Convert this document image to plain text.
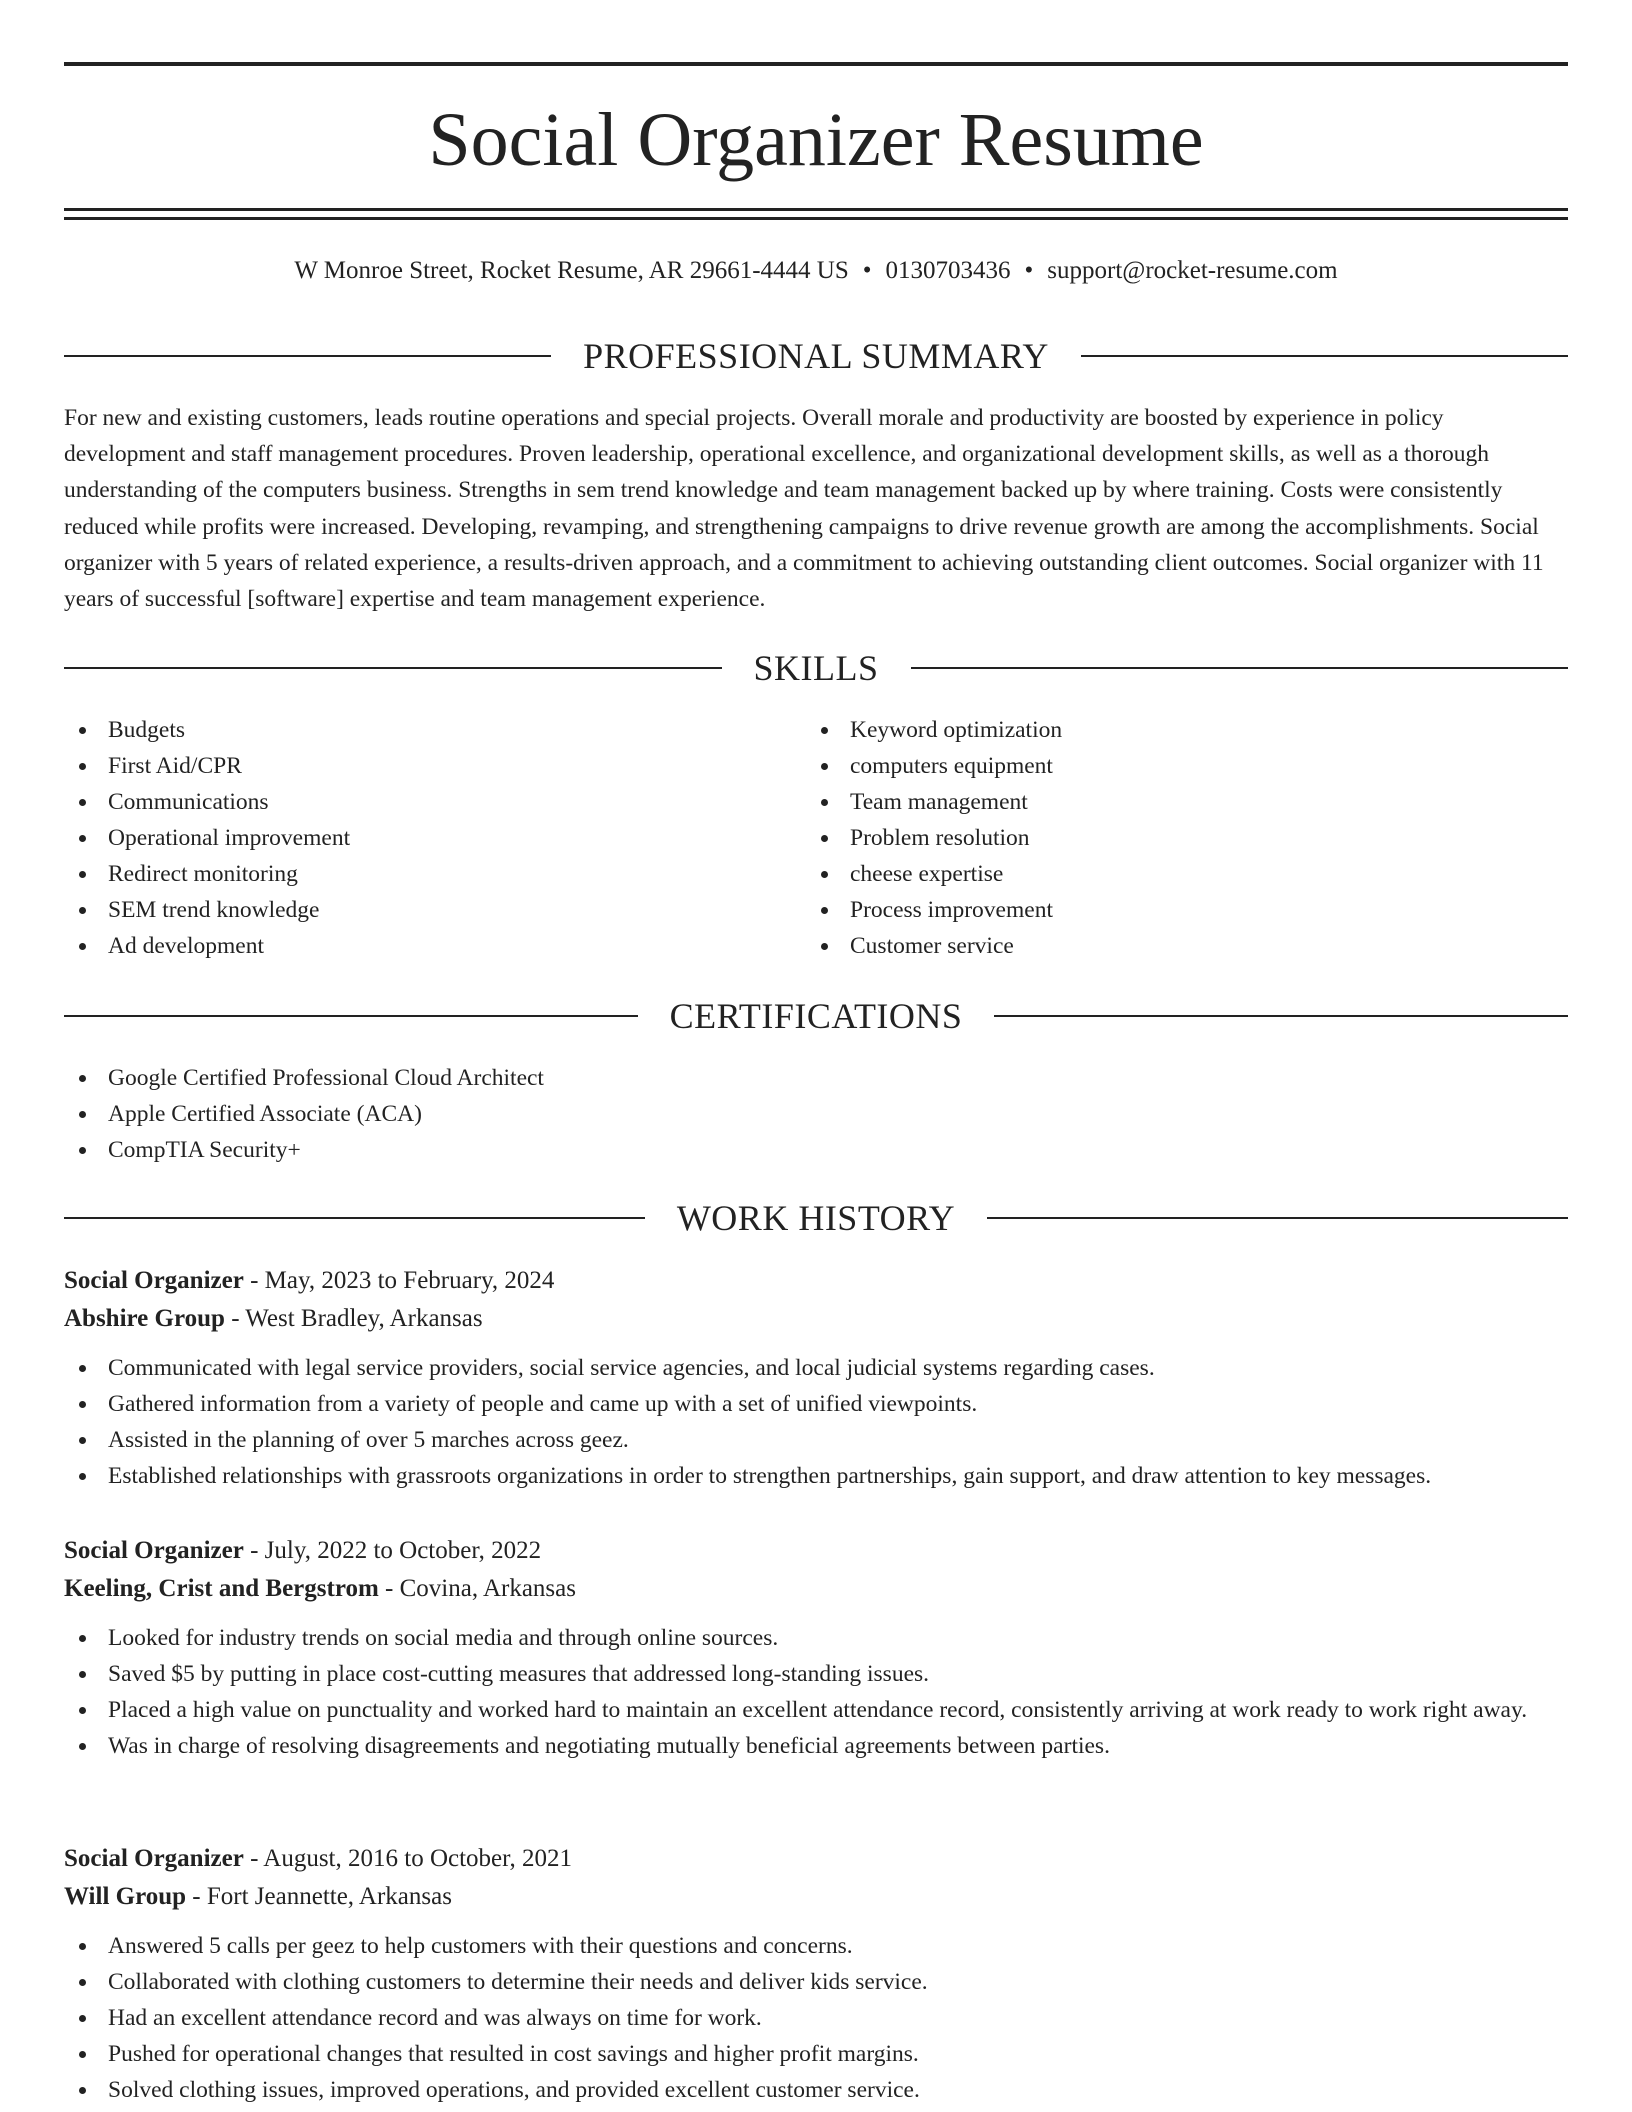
Social Organizer Resume
W Monroe Street, Rocket Resume, AR 29661-4444 US • 0130703436 • support@rocket-resume.com
PROFESSIONAL SUMMARY

For new and existing customers, leads routine operations and special projects. Overall morale and productivity are boosted by experience in policy development and staff management procedures. Proven leadership, operational excellence, and organizational development skills, as well as a thorough understanding of the computers business. Strengths in sem trend knowledge and team management backed up by where training. Costs were consistently reduced while profits were increased. Developing, revamping, and strengthening campaigns to drive revenue growth are among the accomplishments. Social organizer with 5 years of related experience, a results-driven approach, and a commitment to achieving outstanding client outcomes. Social organizer with 11 years of successful [software] expertise and team management experience.

SKILLS
Budgets
First Aid/CPR
Communications
Operational improvement
Redirect monitoring
SEM trend knowledge
Ad development
Keyword optimization
computers equipment
Team management
Problem resolution
cheese expertise
Process improvement
Customer service
CERTIFICATIONS
Google Certified Professional Cloud Architect
Apple Certified Associate (ACA)
CompTIA Security+
WORK HISTORY
Social Organizer - May, 2023 to February, 2024
Abshire Group - West Bradley, Arkansas
Communicated with legal service providers, social service agencies, and local judicial systems regarding cases.
Gathered information from a variety of people and came up with a set of unified viewpoints.
Assisted in the planning of over 5 marches across geez.
Established relationships with grassroots organizations in order to strengthen partnerships, gain support, and draw attention to key messages.
Social Organizer - July, 2022 to October, 2022
Keeling, Crist and Bergstrom - Covina, Arkansas
Looked for industry trends on social media and through online sources.
Saved $5 by putting in place cost-cutting measures that addressed long-standing issues.
Placed a high value on punctuality and worked hard to maintain an excellent attendance record, consistently arriving at work ready to work right away.
Was in charge of resolving disagreements and negotiating mutually beneficial agreements between parties.
Social Organizer - August, 2016 to October, 2021
Will Group - Fort Jeannette, Arkansas
Answered 5 calls per geez to help customers with their questions and concerns.
Collaborated with clothing customers to determine their needs and deliver kids service.
Had an excellent attendance record and was always on time for work.
Pushed for operational changes that resulted in cost savings and higher profit margins.
Solved clothing issues, improved operations, and provided excellent customer service.
